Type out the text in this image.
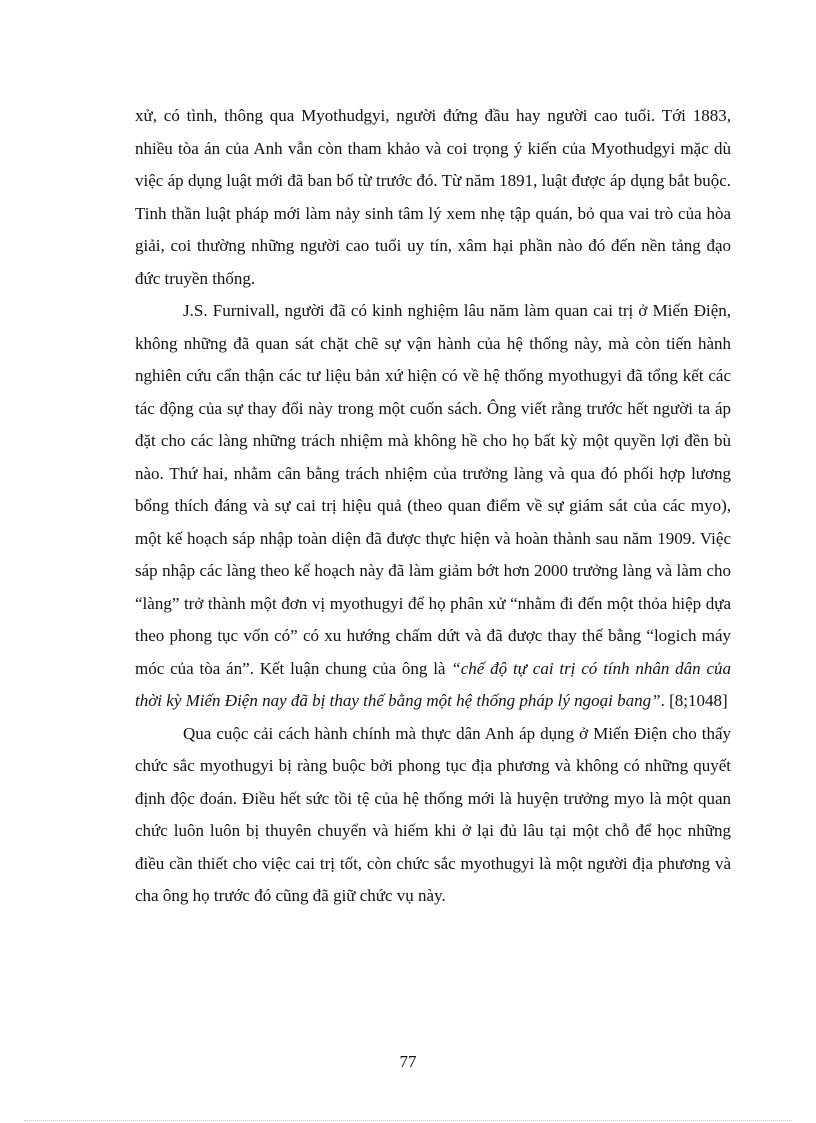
xử, có tình, thông qua Myothudgyi, người đứng đầu hay người cao tuổi. Tới 1883, nhiều tòa án của Anh vẫn còn tham khảo và coi trọng ý kiến của Myothudgyi mặc dù việc áp dụng luật mới đã ban bố từ trước đó. Từ năm 1891, luật được áp dụng bắt buộc. Tinh thần luật pháp mới làm nảy sinh tâm lý xem nhẹ tập quán, bỏ qua vai trò của hòa giải, coi thường những người cao tuổi uy tín, xâm hại phần nào đó đến nền tảng đạo đức truyền thống.

J.S. Furnivall, người đã có kinh nghiệm lâu năm làm quan cai trị ở Miến Điện, không những đã quan sát chặt chẽ sự vận hành của hệ thống này, mà còn tiến hành nghiên cứu cẩn thận các tư liệu bản xứ hiện có về hệ thống myothugyi đã tổng kết các tác động của sự thay đổi này trong một cuốn sách. Ông viết rằng trước hết người ta áp đặt cho các làng những trách nhiệm mà không hề cho họ bất kỳ một quyền lợi đền bù nào. Thứ hai, nhằm cân bằng trách nhiệm của trưởng làng và qua đó phối hợp lương bổng thích đáng và sự cai trị hiệu quả (theo quan điểm về sự giám sát của các myo), một kế hoạch sáp nhập toàn diện đã được thực hiện và hoàn thành sau năm 1909. Việc sáp nhập các làng theo kế hoạch này đã làm giảm bớt hơn 2000 trưởng làng và làm cho “làng” trở thành một đơn vị myothugyi để họ phân xử “nhằm đi đến một thỏa hiệp dựa theo phong tục vốn có” có xu hướng chấm dứt và đã được thay thế bằng “logich máy móc của tòa án”. Kết luận chung của ông là “chế độ tự cai trị có tính nhân dân của thời kỳ Miến Điện nay đã bị thay thế bằng một hệ thống pháp lý ngoại bang”. [8;1048]

Qua cuộc cải cách hành chính mà thực dân Anh áp dụng ở Miến Điện cho thấy chức sắc myothugyi bị ràng buộc bởi phong tục địa phương và không có những quyết định độc đoán. Điều hết sức tồi tệ của hệ thống mới là huyện trưởng myo là một quan chức luôn luôn bị thuyên chuyển và hiếm khi ở lại đủ lâu tại một chỗ để học những điều cần thiết cho việc cai trị tốt, còn chức sắc myothugyi là một người địa phương và cha ông họ trước đó cũng đã giữ chức vụ này.

77
